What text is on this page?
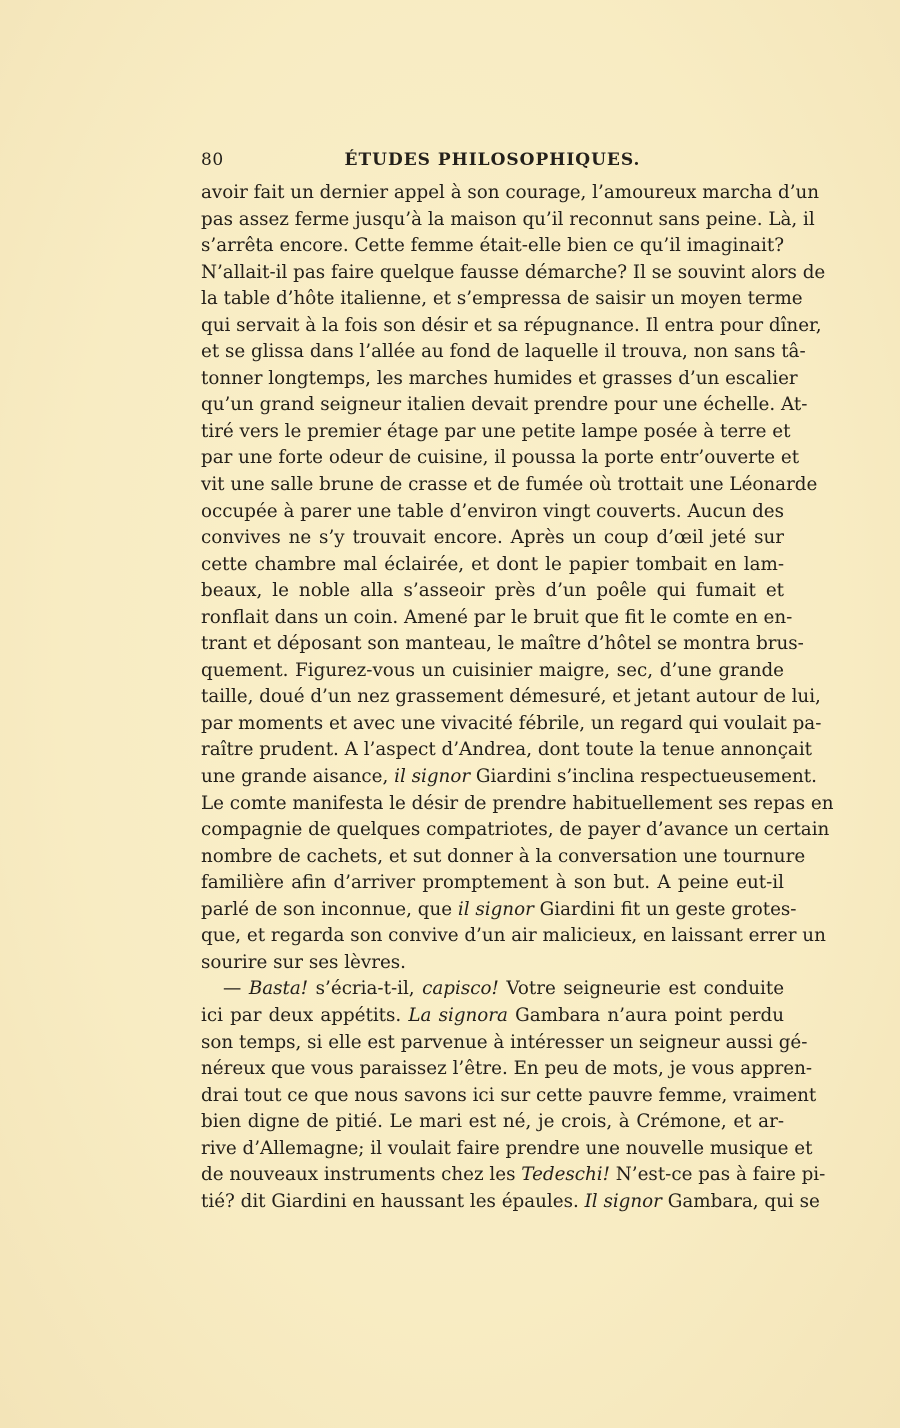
80	ÉTUDES PHILOSOPHIQUES.
avoir fait un dernier appel à son courage, l’amoureux marcha d’un
pas assez ferme jusqu’à la maison qu’il reconnut sans peine. Là, il
s’arrêta encore. Cette femme était-elle bien ce qu’il imaginait?
N’allait-il pas faire quelque fausse démarche? Il se souvint alors de
la table d’hôte italienne, et s’empressa de saisir un moyen terme
qui servait à la fois son désir et sa répugnance. Il entra pour dîner,
et se glissa dans l’allée au fond de laquelle il trouva, non sans tâ-
tonner longtemps, les marches humides et grasses d’un escalier
qu’un grand seigneur italien devait prendre pour une échelle. At-
tiré vers le premier étage par une petite lampe posée à terre et
par une forte odeur de cuisine, il poussa la porte entr’ouverte et
vit une salle brune de crasse et de fumée où trottait une Léonarde
occupée à parer une table d’environ vingt couverts. Aucun des
convives ne s’y trouvait encore. Après un coup d’œil jeté sur
cette chambre mal éclairée, et dont le papier tombait en lam-
beaux, le noble alla s’asseoir près d’un poêle qui fumait et
ronflait dans un coin. Amené par le bruit que fit le comte en en-
trant et déposant son manteau, le maître d’hôtel se montra brus-
quement. Figurez-vous un cuisinier maigre, sec, d’une grande
taille, doué d’un nez grassement démesuré, et jetant autour de lui,
par moments et avec une vivacité fébrile, un regard qui voulait pa-
raître prudent. A l’aspect d’Andrea, dont toute la tenue annonçait
une grande aisance, il signor Giardini s’inclina respectueusement.
Le comte manifesta le désir de prendre habituellement ses repas en
compagnie de quelques compatriotes, de payer d’avance un certain
nombre de cachets, et sut donner à la conversation une tournure
familière afin d’arriver promptement à son but. A peine eut-il
parlé de son inconnue, que il signor Giardini fit un geste grotes-
que, et regarda son convive d’un air malicieux, en laissant errer un
sourire sur ses lèvres.
— Basta! s’écria-t-il, capisco! Votre seigneurie est conduite
ici par deux appétits. La signora Gambara n’aura point perdu
son temps, si elle est parvenue à intéresser un seigneur aussi gé-
néreux que vous paraissez l’être. En peu de mots, je vous appren-
drai tout ce que nous savons ici sur cette pauvre femme, vraiment
bien digne de pitié. Le mari est né, je crois, à Crémone, et ar-
rive d’Allemagne; il voulait faire prendre une nouvelle musique et
de nouveaux instruments chez les Tedeschi! N’est-ce pas à faire pi-
tié? dit Giardini en haussant les épaules. Il signor Gambara, qui se
